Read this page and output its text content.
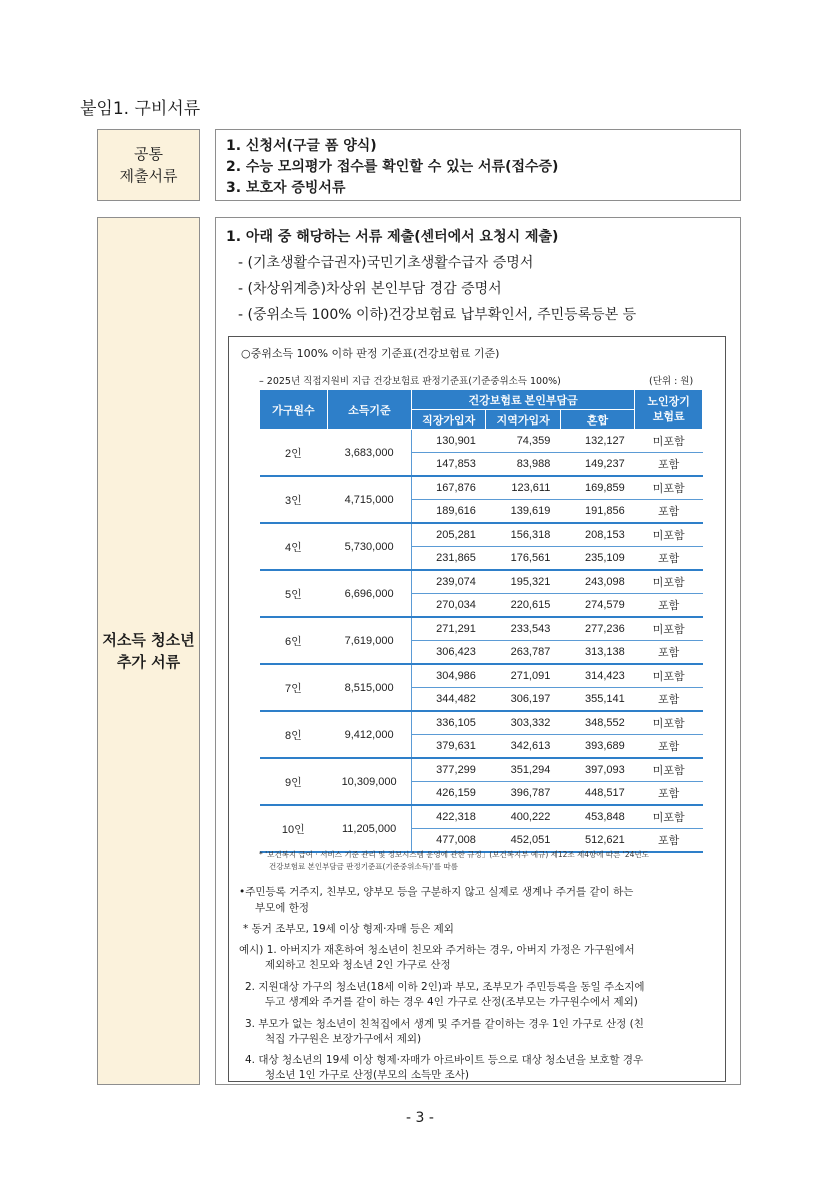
붙임1. 구비서류
공통
제출서류
1. 신청서(구글 폼 양식)
2. 수능 모의평가 접수를 확인할 수 있는 서류(접수증)
3. 보호자 증빙서류
저소득 청소년
추가 서류
1. 아래 중 해당하는 서류 제출(센터에서 요청시 제출)
- (기초생활수급권자)국민기초생활수급자 증명서
- (차상위계층)차상위 본인부담 경감 증명서
- (중위소득 100% 이하)건강보험료 납부확인서, 주민등록등본 등
○중위소득 100% 이하 판정 기준표(건강보험료 기준)
– 2025년 직접지원비 지급 건강보험료 판정기준표(기준중위소득 100%)	(단위 : 원)
가구원수	소득기준	건강보험료 본인부담금			노인장기
보험료

		직장가입자	지역가입자	혼합	
2인	3,683,000	130,901	74,359	132,127	미포함
		147,853	83,988	149,237	포함
3인	4,715,000	167,876	123,611	169,859	미포함
		189,616	139,619	191,856	포함
4인	5,730,000	205,281	156,318	208,153	미포함
		231,865	176,561	235,109	포함
5인	6,696,000	239,074	195,321	243,098	미포함
		270,034	220,615	274,579	포함
6인	7,619,000	271,291	233,543	277,236	미포함
		306,423	263,787	313,138	포함
7인	8,515,000	304,986	271,091	314,423	미포함
		344,482	306,197	355,141	포함
8인	9,412,000	336,105	303,332	348,552	미포함
		379,631	342,613	393,689	포함
9인	10,309,000	377,299	351,294	397,093	미포함
		426,159	396,787	448,517	포함
10인	11,205,000	422,318	400,222	453,848	미포함
		477,008	452,051	512,621	포함
* '보건복지 급여 · 서비스 기준 관리 및 정보시스템 운영에 관한 규정」(보건복지부 예규) 제12조 제4항에 따른 '24년도
건강보험료 본인부담금 판정기준표(기준중위소득)'를 따름
•주민등록 거주지, 친부모, 양부모 등을 구분하지 않고 실제로 생계나 주거를 같이 하는
부모에 한정
* 동거 조부모, 19세 이상 형제·자매 등은 제외
예시) 1. 아버지가 재혼하여 청소년이 친모와 주거하는 경우, 아버지 가정은 가구원에서
제외하고 친모와 청소년 2인 가구로 산정
2. 지원대상 가구의 청소년(18세 이하 2인)과 부모, 조부모가 주민등록을 동일 주소지에
두고 생계와 주거를 같이 하는 경우 4인 가구로 산정(조부모는 가구원수에서 제외)
3. 부모가 없는 청소년이 친척집에서 생계 및 주거를 같이하는 경우 1인 가구로 산정 (친
척집 가구원은 보장가구에서 제외)
4. 대상 청소년의 19세 이상 형제·자매가 아르바이트 등으로 대상 청소년을 보호할 경우
청소년 1인 가구로 산정(부모의 소득만 조사)
- 3 -
